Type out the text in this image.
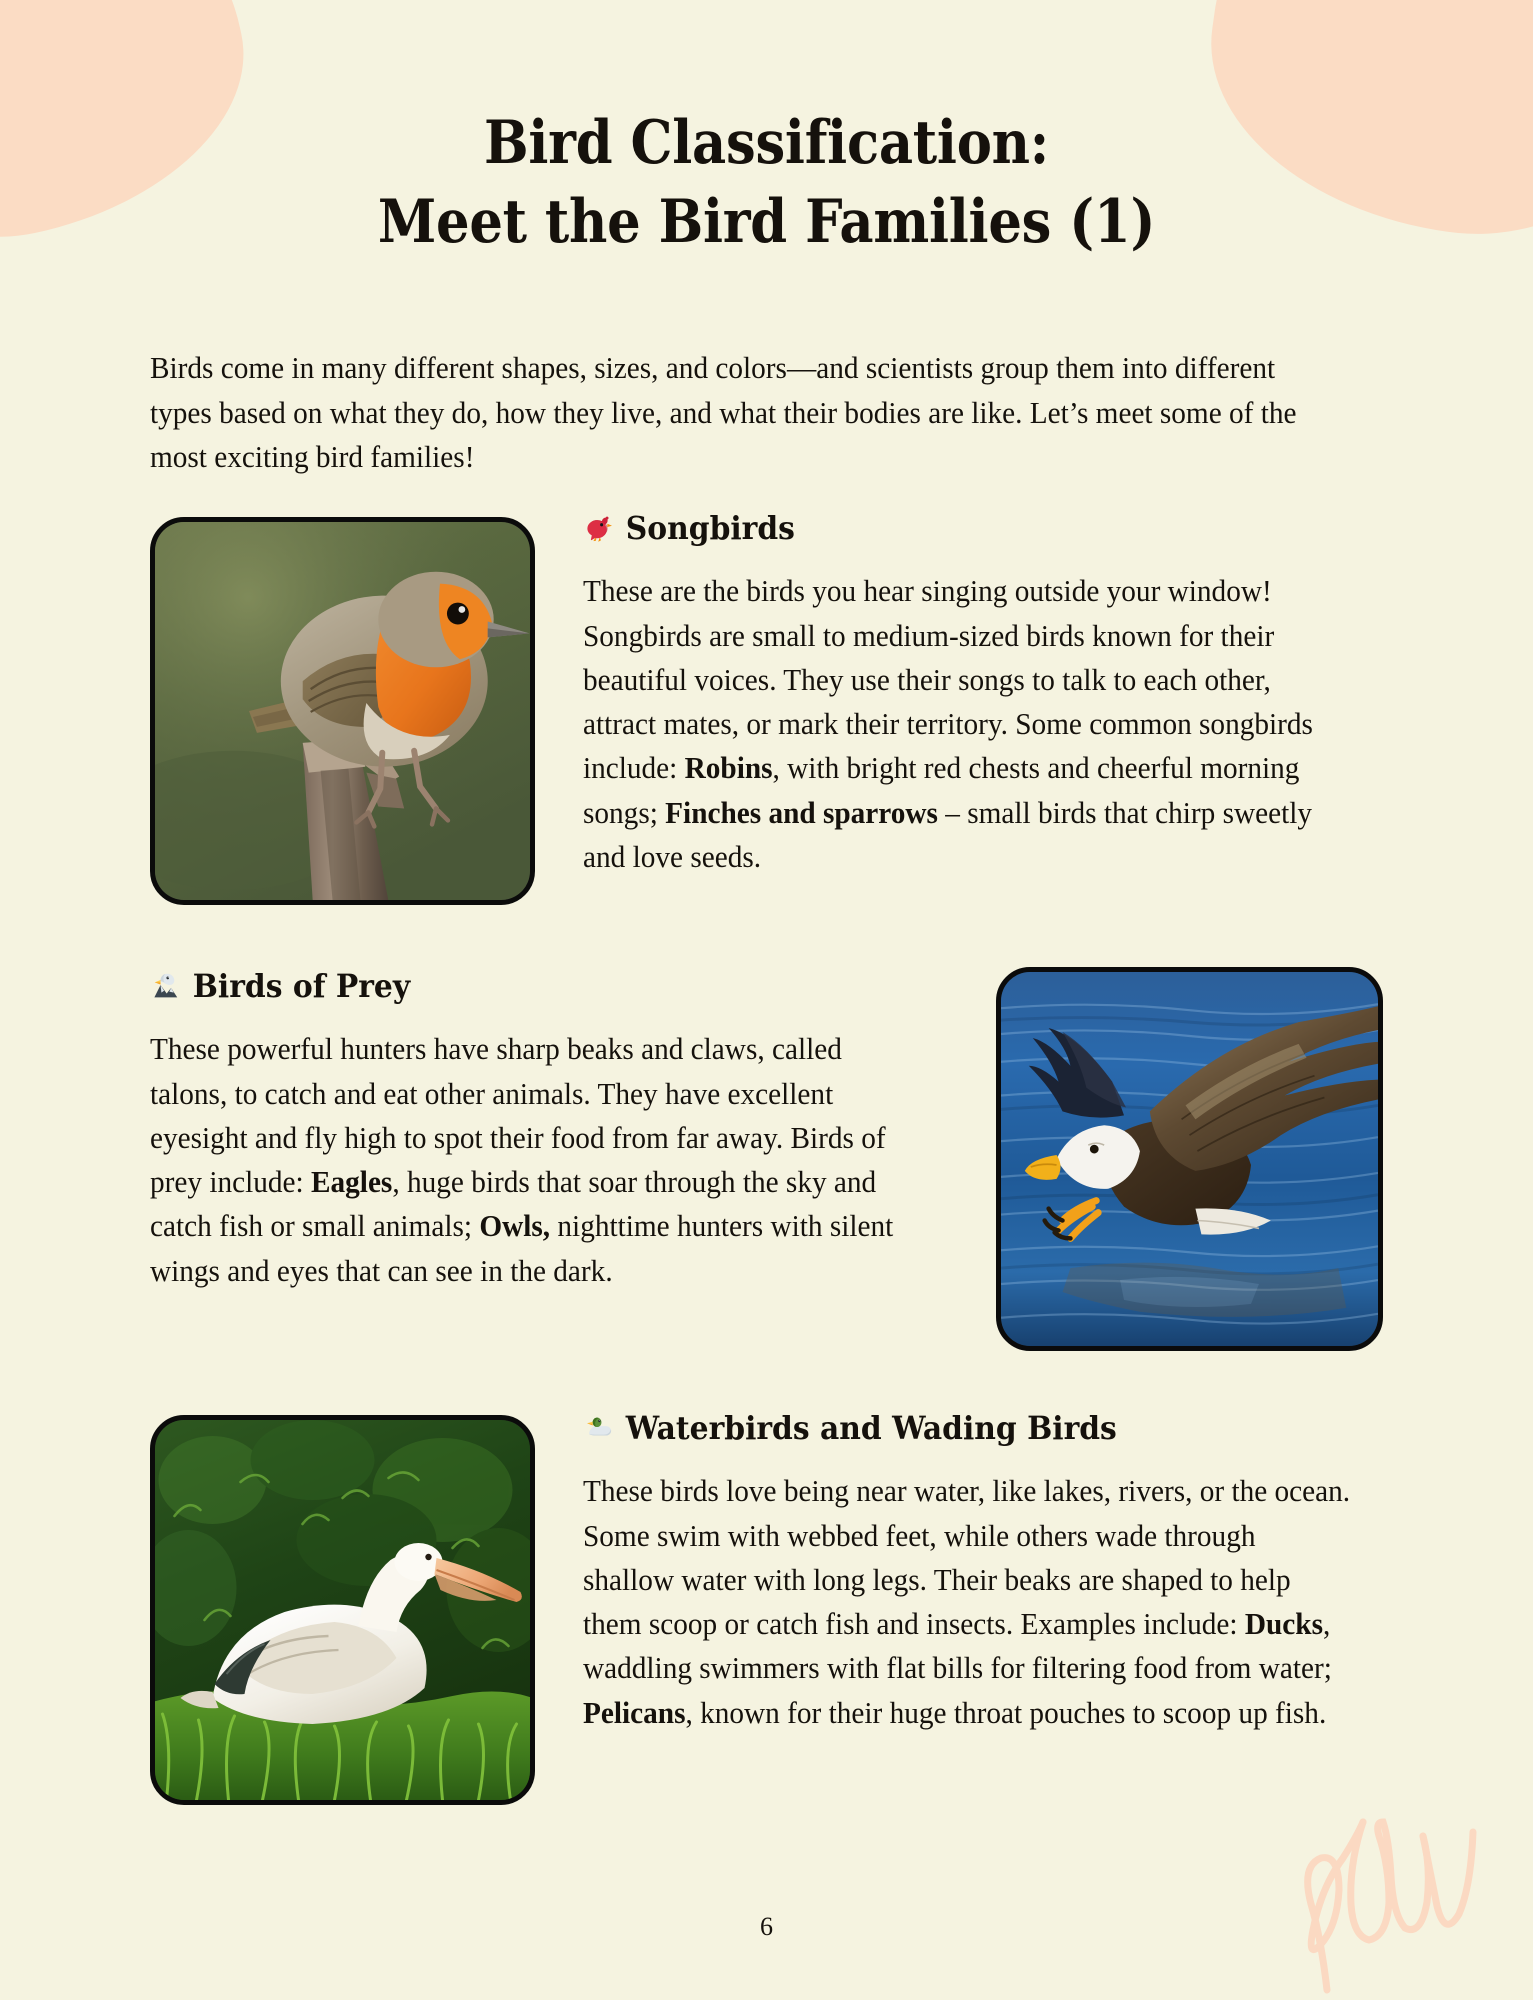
Bird Classification:
Meet the Bird Families (1)

Birds come in many different shapes, sizes, and colors—and scientists group them into different types based on what they do, how they live, and what their bodies are like. Let’s meet some of the most exciting bird families!

Songbirds

These are the birds you hear singing outside your window! Songbirds are small to medium-sized birds known for their beautiful voices. They use their songs to talk to each other, attract mates, or mark their territory. Some common songbirds include: Robins, with bright red chests and cheerful morning songs; Finches and sparrows – small birds that chirp sweetly and love seeds.

Birds of Prey

These powerful hunters have sharp beaks and claws, called talons, to catch and eat other animals. They have excellent eyesight and fly high to spot their food from far away. Birds of prey include: Eagles, huge birds that soar through the sky and catch fish or small animals; Owls, nighttime hunters with silent wings and eyes that can see in the dark.

Waterbirds and Wading Birds

These birds love being near water, like lakes, rivers, or the ocean. Some swim with webbed feet, while others wade through shallow water with long legs. Their beaks are shaped to help them scoop or catch fish and insects. Examples include: Ducks, waddling swimmers with flat bills for filtering food from water; Pelicans, known for their huge throat pouches to scoop up fish.

6
